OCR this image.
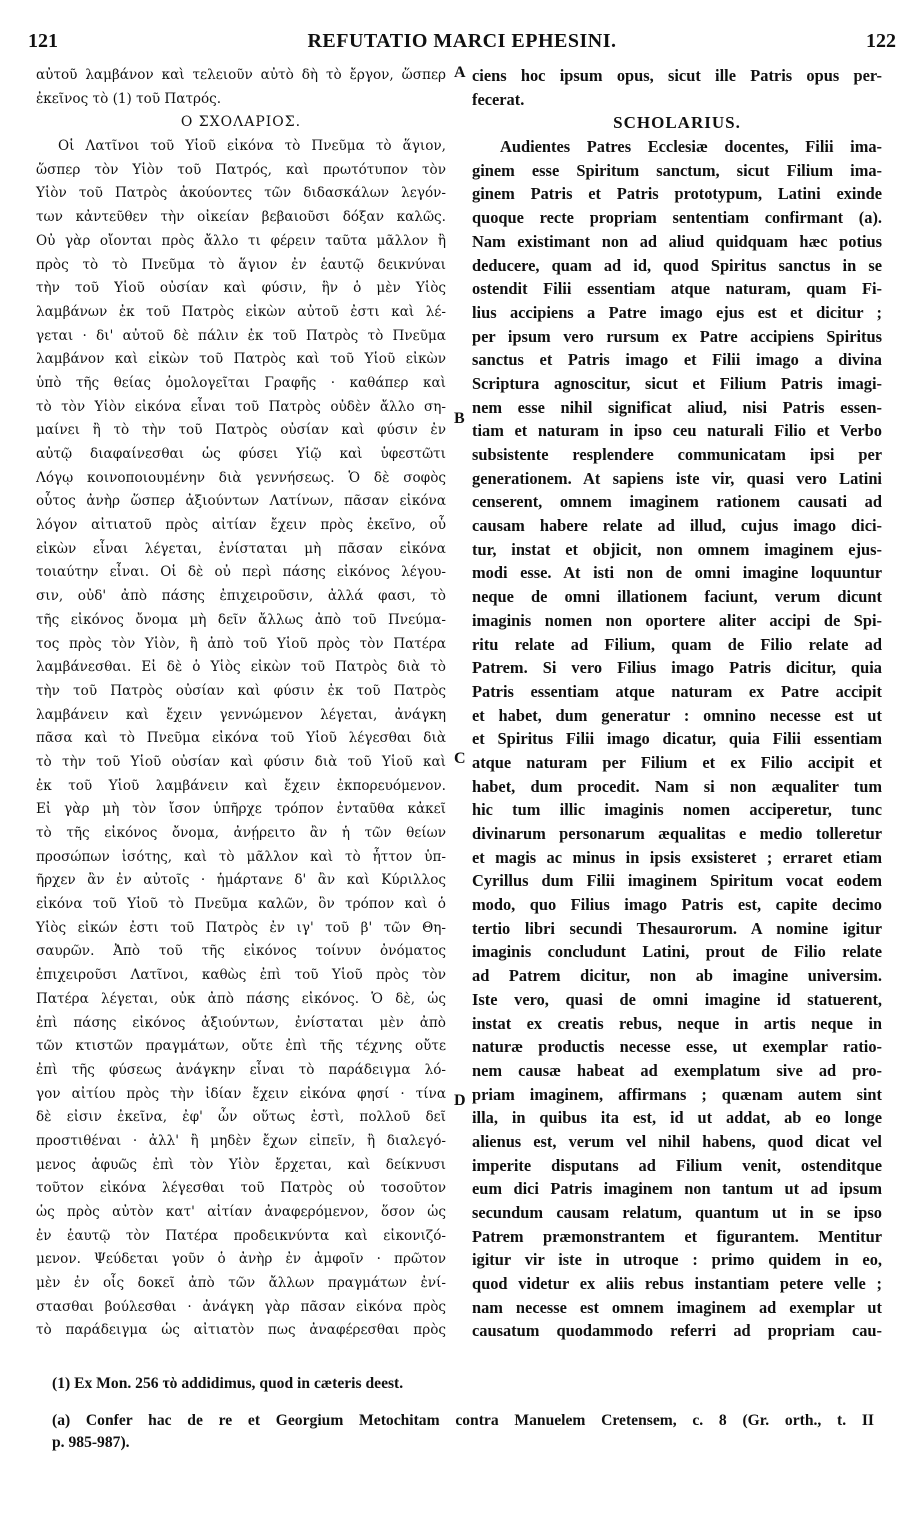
121	REFUTATIO MARCI EPHESINI.	122
αὐτοῦ λαμβάνον καὶ τελειοῦν αὐτὸ δὴ τὸ ἔργον, ὥσπερ
ἐκεῖνος τὸ (1) τοῦ Πατρός.
Ο ΣΧΟΛΑΡΙΟΣ.
Οἱ Λατῖνοι τοῦ Υἱοῦ εἰκόνα τὸ Πνεῦμα τὸ ἅγιον,
ὥσπερ τὸν Υἱὸν τοῦ Πατρός, καὶ πρωτότυπον τὸν
Υἱὸν τοῦ Πατρὸς ἀκούοντες τῶν διδασκάλων λεγόν-
των κἀντεῦθεν τὴν οἰκείαν βεβαιοῦσι δόξαν καλῶς.
Οὐ γὰρ οἴονται πρὸς ἄλλο τι φέρειν ταῦτα μᾶλλον ἢ
πρὸς τὸ τὸ Πνεῦμα τὸ ἅγιον ἐν ἑαυτῷ δεικνύναι
τὴν τοῦ Υἱοῦ οὐσίαν καὶ φύσιν, ἣν ὁ μὲν Υἱὸς
λαμβάνων ἐκ τοῦ Πατρὸς εἰκὼν αὐτοῦ ἐστι καὶ λέ-
γεται · δι' αὐτοῦ δὲ πάλιν ἐκ τοῦ Πατρὸς τὸ Πνεῦμα
λαμβάνον καὶ εἰκὼν τοῦ Πατρὸς καὶ τοῦ Υἱοῦ εἰκὼν
ὑπὸ τῆς θείας ὁμολογεῖται Γραφῆς · καθάπερ καὶ
τὸ τὸν Υἱὸν εἰκόνα εἶναι τοῦ Πατρὸς οὐδὲν ἄλλο ση-
μαίνει ἢ τὸ τὴν τοῦ Πατρὸς οὐσίαν καὶ φύσιν ἐν
αὐτῷ διαφαίνεσθαι ὡς φύσει Υἱῷ καὶ ὑφεστῶτι
Λόγῳ κοινοποιουμένην διὰ γεννήσεως. Ὁ δὲ σοφὸς
οὗτος ἀνὴρ ὥσπερ ἀξιούντων Λατίνων, πᾶσαν εἰκόνα
λόγον αἰτιατοῦ πρὸς αἰτίαν ἔχειν πρὸς ἐκεῖνο, οὗ
εἰκὼν εἶναι λέγεται, ἐνίσταται μὴ πᾶσαν εἰκόνα
τοιαύτην εἶναι. Οἱ δὲ οὐ περὶ πάσης εἰκόνος λέγου-
σιν, οὐδ' ἀπὸ πάσης ἐπιχειροῦσιν, ἀλλά φασι, τὸ
τῆς εἰκόνος ὄνομα μὴ δεῖν ἄλλως ἀπὸ τοῦ Πνεύμα-
τος πρὸς τὸν Υἱὸν, ἢ ἀπὸ τοῦ Υἱοῦ πρὸς τὸν Πατέρα
λαμβάνεσθαι. Εἰ δὲ ὁ Υἱὸς εἰκὼν τοῦ Πατρὸς διὰ τὸ
τὴν τοῦ Πατρὸς οὐσίαν καὶ φύσιν ἐκ τοῦ Πατρὸς
λαμβάνειν καὶ ἔχειν γεννώμενον λέγεται, ἀνάγκη
πᾶσα καὶ τὸ Πνεῦμα εἰκόνα τοῦ Υἱοῦ λέγεσθαι διὰ
τὸ τὴν τοῦ Υἱοῦ οὐσίαν καὶ φύσιν διὰ τοῦ Υἱοῦ καὶ
ἐκ τοῦ Υἱοῦ λαμβάνειν καὶ ἔχειν ἐκπορευόμενον.
Εἰ γὰρ μὴ τὸν ἴσον ὑπῆρχε τρόπον ἐνταῦθα κἀκεῖ
τὸ τῆς εἰκόνος ὄνομα, ἀνῄρειτο ἂν ἡ τῶν θείων
προσώπων ἰσότης, καὶ τὸ μᾶλλον καὶ τὸ ἧττον ὑπ-
ῆρχεν ἂν ἐν αὐτοῖς · ἡμάρτανε δ' ἂν καὶ Κύριλλος
εἰκόνα τοῦ Υἱοῦ τὸ Πνεῦμα καλῶν, ὃν τρόπον καὶ ὁ
Υἱὸς εἰκών ἐστι τοῦ Πατρὸς ἐν ιγ' τοῦ β' τῶν Θη-
σαυρῶν. Ἀπὸ τοῦ τῆς εἰκόνος τοίνυν ὀνόματος
ἐπιχειροῦσι Λατῖνοι, καθὼς ἐπὶ τοῦ Υἱοῦ πρὸς τὸν
Πατέρα λέγεται, οὐκ ἀπὸ πάσης εἰκόνος. Ὁ δὲ, ὡς
ἐπὶ πάσης εἰκόνος ἀξιούντων, ἐνίσταται μὲν ἀπὸ
τῶν κτιστῶν πραγμάτων, οὔτε ἐπὶ τῆς τέχνης οὔτε
ἐπὶ τῆς φύσεως ἀνάγκην εἶναι τὸ παράδειγμα λό-
γον αἰτίου πρὸς τὴν ἰδίαν ἔχειν εἰκόνα φησί · τίνα
δὲ εἰσιν ἐκεῖνα, ἐφ' ὧν οὕτως ἐστὶ, πολλοῦ δεῖ
προστιθέναι · ἀλλ' ἢ μηδὲν ἔχων εἰπεῖν, ἢ διαλεγό-
μενος ἀφυῶς ἐπὶ τὸν Υἱὸν ἔρχεται, καὶ δείκνυσι
τοῦτον εἰκόνα λέγεσθαι τοῦ Πατρὸς οὐ τοσοῦτον
ὡς πρὸς αὐτὸν κατ' αἰτίαν ἀναφερόμενον, ὅσον ὡς
ἐν ἑαυτῷ τὸν Πατέρα προδεικνύντα καὶ εἰκονιζό-
μενον. Ψεύδεται γοῦν ὁ ἀνὴρ ἐν ἀμφοῖν · πρῶτον
μὲν ἐν οἷς δοκεῖ ἀπὸ τῶν ἄλλων πραγμάτων ἐνί-
στασθαι βούλεσθαι · ἀνάγκη γὰρ πᾶσαν εἰκόνα πρὸς
τὸ παράδειγμα ὡς αἰτιατὸν πως ἀναφέρεσθαι πρὸς
ciens hoc ipsum opus, sicut ille Patris opus per-
fecerat.
SCHOLARIUS.
Audientes Patres Ecclesiæ docentes, Filii ima-
ginem esse Spiritum sanctum, sicut Filium ima-
ginem Patris et Patris prototypum, Latini exinde
quoque recte propriam sententiam confirmant (a).
Nam existimant non ad aliud quidquam hæc potius
deducere, quam ad id, quod Spiritus sanctus in se
ostendit Filii essentiam atque naturam, quam Fi-
lius accipiens a Patre imago ejus est et dicitur ;
per ipsum vero rursum ex Patre accipiens Spiritus
sanctus et Patris imago et Filii imago a divina
Scriptura agnoscitur, sicut et Filium Patris imagi-
nem esse nihil significat aliud, nisi Patris essen-
tiam et naturam in ipso ceu naturali Filio et Verbo
subsistente resplendere communicatam ipsi per
generationem. At sapiens iste vir, quasi vero Latini
censerent, omnem imaginem rationem causati ad
causam habere relate ad illud, cujus imago dici-
tur, instat et objicit, non omnem imaginem ejus-
modi esse. At isti non de omni imagine loquuntur
neque de omni illationem faciunt, verum dicunt
imaginis nomen non oportere aliter accipi de Spi-
ritu relate ad Filium, quam de Filio relate ad
Patrem. Si vero Filius imago Patris dicitur, quia
Patris essentiam atque naturam ex Patre accipit
et habet, dum generatur : omnino necesse est ut
et Spiritus Filii imago dicatur, quia Filii essentiam
atque naturam per Filium et ex Filio accipit et
habet, dum procedit. Nam si non æqualiter tum
hic tum illic imaginis nomen acciperetur, tunc
divinarum personarum æqualitas e medio tolleretur
et magis ac minus in ipsis exsisteret ; erraret etiam
Cyrillus dum Filii imaginem Spiritum vocat eodem
modo, quo Filius imago Patris est, capite decimo
tertio libri secundi Thesaurorum. A nomine igitur
imaginis concludunt Latini, prout de Filio relate
ad Patrem dicitur, non ab imagine universim.
Iste vero, quasi de omni imagine id statuerent,
instat ex creatis rebus, neque in artis neque in
naturæ productis necesse esse, ut exemplar ratio-
nem causæ habeat ad exemplatum sive ad pro-
priam imaginem, affirmans ; quænam autem sint
illa, in quibus ita est, id ut addat, ab eo longe
alienus est, verum vel nihil habens, quod dicat vel
imperite disputans ad Filium venit, ostenditque
eum dici Patris imaginem non tantum ut ad ipsum
secundum causam relatum, quantum ut in se ipso
Patrem præmonstrantem et figurantem. Mentitur
igitur vir iste in utroque : primo quidem in eo,
quod videtur ex aliis rebus instantiam petere velle ;
nam necesse est omnem imaginem ad exemplar ut
causatum quodammodo referri ad propriam cau-
A
B
C
D
(1) Ex Mon. 256 τὸ addidimus, quod in cæteris deest.
(a) Confer hac de re et Georgium Metochitam contra Manuelem Cretensem, c. 8 (Gr. orth., t. II
p. 985-987).
